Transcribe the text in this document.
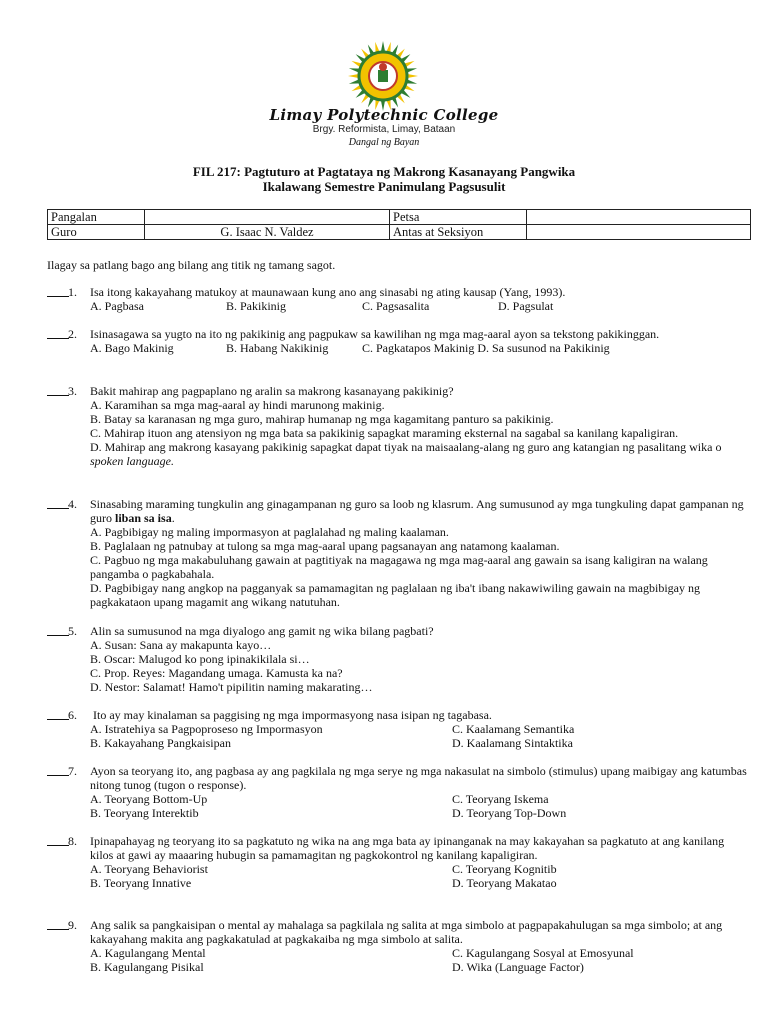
Limay Polytechnic College
Brgy. Reformista, Limay, Bataan
Dangal ng Bayan
FIL 217: Pagtuturo at Pagtataya ng Makrong Kasanayang Pangwika
Ikalawang Semestre Panimulang Pagsusulit
Pangalan		Petsa	
Guro	G. Isaac N. Valdez	Antas at Seksiyon	
Ilagay sa patlang bago ang bilang ang titik ng tamang sagot.
1. Isa itong kakayahang matukoy at maunawaan kung ano ang sinasabi ng ating kausap (Yang, 1993).
A. Pagbasa	B. Pakikinig	C. Pagsasalita	D. Pagsulat
2. Isinasagawa sa yugto na ito ng pakikinig ang pagpukaw sa kawilihan ng mga mag-aaral ayon sa tekstong pakikinggan.
A. Bago Makinig	B. Habang Nakikinig	C. Pagkatapos Makinig D. Sa susunod na Pakikinig
3. Bakit mahirap ang pagpaplano ng aralin sa makrong kasanayang pakikinig?
A. Karamihan sa mga mag-aaral ay hindi marunong makinig.
B. Batay sa karanasan ng mga guro, mahirap humanap ng mga kagamitang panturo sa pakikinig.
C. Mahirap ituon ang atensiyon ng mga bata sa pakikinig sapagkat maraming eksternal na sagabal sa kanilang kapaligiran.
D. Mahirap ang makrong kasayang pakikinig sapagkat dapat tiyak na maisaalang-alang ng guro ang katangian ng pasalitang wika o spoken language.
4. Sinasabing maraming tungkulin ang ginagampanan ng guro sa loob ng klasrum. Ang sumusunod ay mga tungkuling dapat gampanan ng guro liban sa isa.
A. Pagbibigay ng maling impormasyon at paglalahad ng maling kaalaman.
B. Paglalaan ng patnubay at tulong sa mga mag-aaral upang pagsanayan ang natamong kaalaman.
C. Pagbuo ng mga makabuluhang gawain at pagtitiyak na magagawa ng mga mag-aaral ang gawain sa isang kaligiran na walang pangamba o pagkabahala.
D. Pagbibigay nang angkop na pagganyak sa pamamagitan ng paglalaan ng iba't ibang nakawiwiling gawain na magbibigay ng pagkakataon upang magamit ang wikang natutuhan.
5. Alin sa sumusunod na mga diyalogo ang gamit ng wika bilang pagbati?
A. Susan: Sana ay makapunta kayo…
B. Oscar: Malugod ko pong ipinakikilala si…
C. Prop. Reyes: Magandang umaga. Kamusta ka na?
D. Nestor: Salamat! Hamo't pipilitin naming makarating…
6. Ito ay may kinalaman sa paggising ng mga impormasyong nasa isipan ng tagabasa.
A. Istratehiya sa Pagpoproseso ng Impormasyon	C. Kaalamang Semantika
B. Kakayahang Pangkaisipan	D. Kaalamang Sintaktika
7. Ayon sa teoryang ito, ang pagbasa ay ang pagkilala ng mga serye ng mga nakasulat na simbolo (stimulus) upang maibigay ang katumbas nitong tunog (tugon o response).
A. Teoryang Bottom-Up	C. Teoryang Iskema
B. Teoryang Interektib	D. Teoryang Top-Down
8. Ipinapahayag ng teoryang ito sa pagkatuto ng wika na ang mga bata ay ipinanganak na may kakayahan sa pagkatuto at ang kanilang kilos at gawi ay maaaring hubugin sa pamamagitan ng pagkokontrol ng kanilang kapaligiran.
A. Teoryang Behaviorist	C. Teoryang Kognitib
B. Teoryang Innative	D. Teoryang Makatao
9. Ang salik sa pangkaisipan o mental ay mahalaga sa pagkilala ng salita at mga simbolo at pagpapakahulugan sa mga simbolo; at ang kakayahang makita ang pagkakatulad at pagkakaiba ng mga simbolo at salita.
A. Kagulangang Mental	C. Kagulangang Sosyal at Emosyunal
B. Kagulangang Pisikal	D. Wika (Language Factor)
